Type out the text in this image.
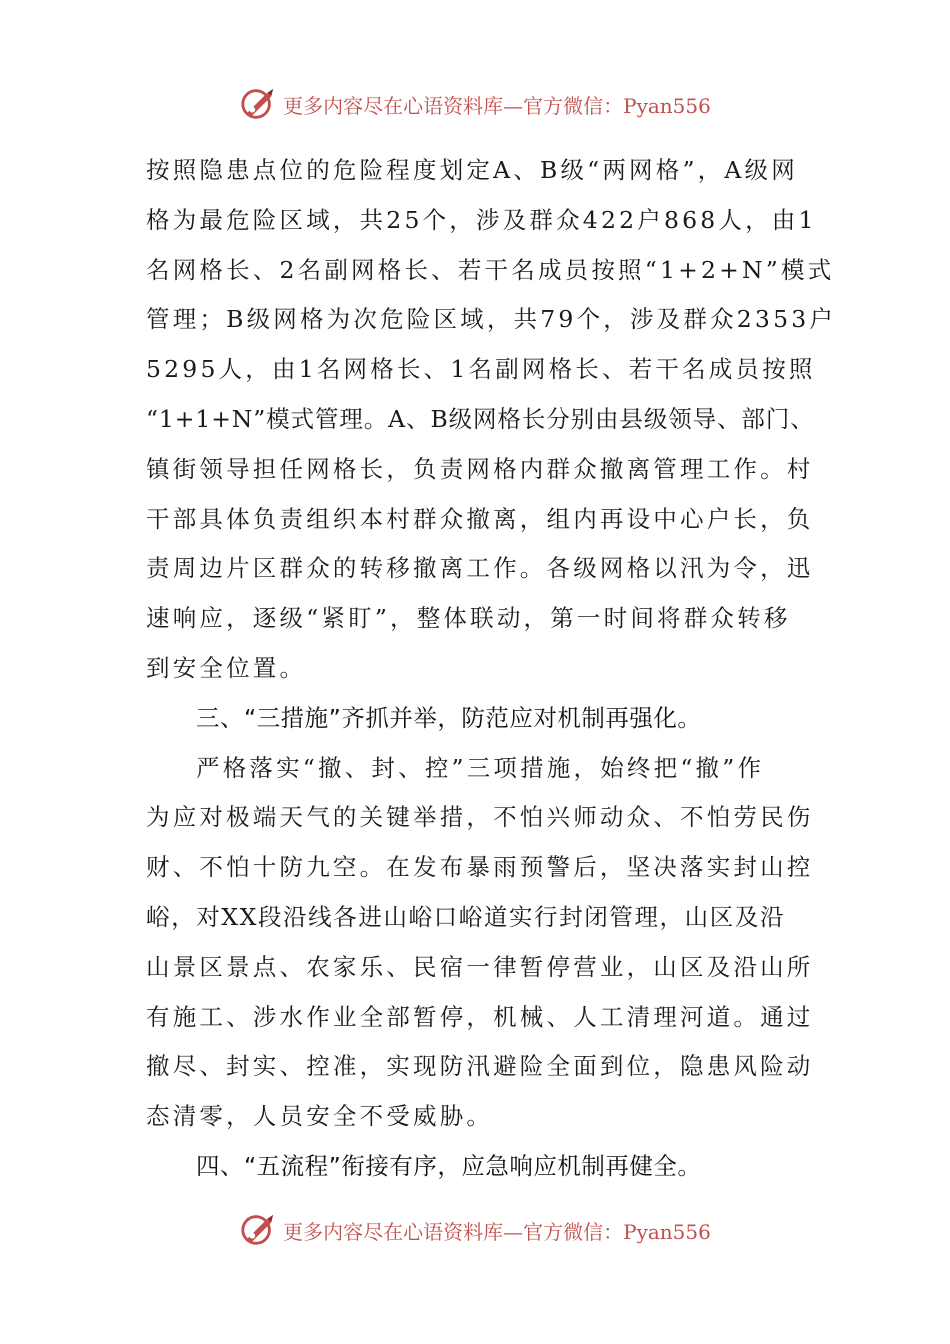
更多内容尽在心语资料库—官方微信：Pyan556
按照隐患点位的危险程度划定A、B级“两网格”，A级网
格为最危险区域，共25个，涉及群众422户868人，由1
名网格长、2名副网格长、若干名成员按照“1+2+N”模式
管理；B级网格为次危险区域，共79个，涉及群众2353户
5295人，由1名网格长、1名副网格长、若干名成员按照
“1+1+N”模式管理。A、B级网格长分别由县级领导、部门、
镇街领导担任网格长，负责网格内群众撤离管理工作。村
干部具体负责组织本村群众撤离，组内再设中心户长，负
责周边片区群众的转移撤离工作。各级网格以汛为令，迅
速响应，逐级“紧盯”，整体联动，第一时间将群众转移
到安全位置。
三、“三措施”齐抓并举，防范应对机制再强化。
严格落实“撤、封、控”三项措施，始终把“撤”作
为应对极端天气的关键举措，不怕兴师动众、不怕劳民伤
财、不怕十防九空。在发布暴雨预警后，坚决落实封山控
峪，对XX段沿线各进山峪口峪道实行封闭管理，山区及沿
山景区景点、农家乐、民宿一律暂停营业，山区及沿山所
有施工、涉水作业全部暂停，机械、人工清理河道。通过
撤尽、封实、控准，实现防汛避险全面到位，隐患风险动
态清零，人员安全不受威胁。
四、“五流程”衔接有序，应急响应机制再健全。
更多内容尽在心语资料库—官方微信：Pyan556
